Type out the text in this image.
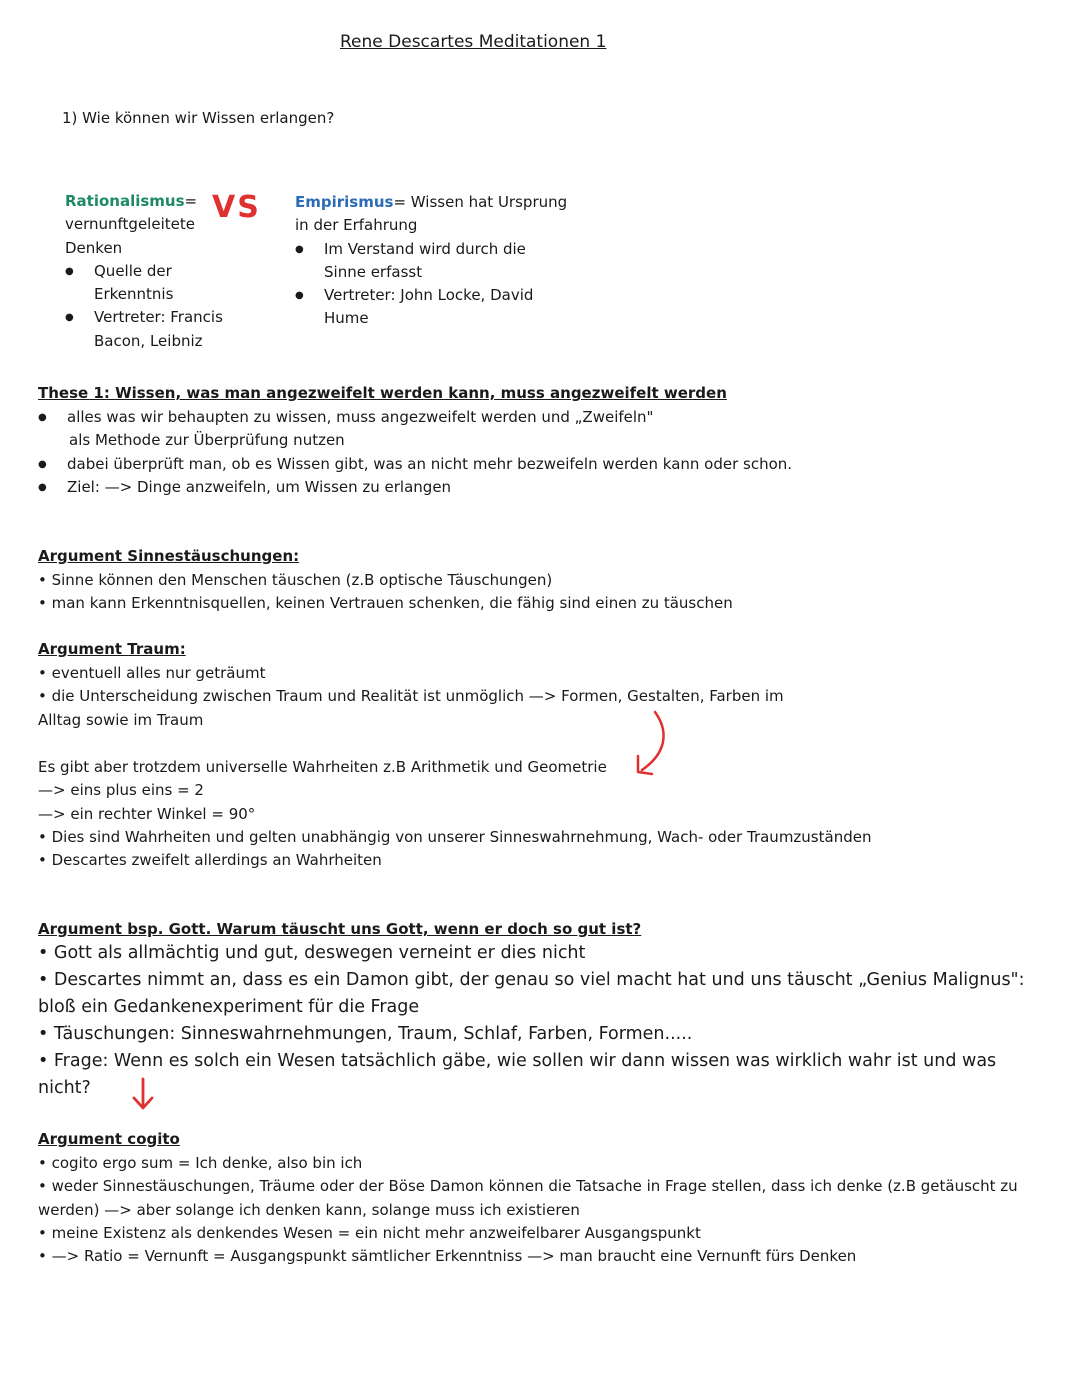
Rene Descartes Meditationen 1
1) Wie können wir Wissen erlangen?
Rationalismus=
vernunftgeleitete
Denken
● Quelle der
Erkenntnis
● Vertreter: Francis
Bacon, Leibniz
VS Empirismus= Wissen hat Ursprung
in der Erfahrung
● Im Verstand wird durch die
Sinne erfasst
● Vertreter: John Locke, David
Hume
These 1: Wissen, was man angezweifelt werden kann, muss angezweifelt werden
● alles was wir behaupten zu wissen, muss angezweifelt werden und „Zweifeln"
als Methode zur Überprüfung nutzen
● dabei überprüft man, ob es Wissen gibt, was an nicht mehr bezweifeln werden kann oder schon.
● Ziel: —> Dinge anzweifeln, um Wissen zu erlangen
Argument Sinnestäuschungen:
• Sinne können den Menschen täuschen (z.B optische Täuschungen)
• man kann Erkenntnisquellen, keinen Vertrauen schenken, die fähig sind einen zu täuschen
Argument Traum:
• eventuell alles nur geträumt
• die Unterscheidung zwischen Traum und Realität ist unmöglich —> Formen, Gestalten, Farben im
Alltag sowie im Traum
Es gibt aber trotzdem universelle Wahrheiten z.B Arithmetik und Geometrie
—> eins plus eins = 2
—> ein rechter Winkel = 90°
• Dies sind Wahrheiten und gelten unabhängig von unserer Sinneswahrnehmung, Wach- oder Traumzuständen
• Descartes zweifelt allerdings an Wahrheiten
Argument bsp. Gott. Warum täuscht uns Gott, wenn er doch so gut ist?
• Gott als allmächtig und gut, deswegen verneint er dies nicht
• Descartes nimmt an, dass es ein Damon gibt, der genau so viel macht hat und uns täuscht „Genius Malignus":
bloß ein Gedankenexperiment für die Frage
• Täuschungen: Sinneswahrnehmungen, Traum, Schlaf, Farben, Formen.....
• Frage: Wenn es solch ein Wesen tatsächlich gäbe, wie sollen wir dann wissen was wirklich wahr ist und was
nicht?
Argument cogito
• cogito ergo sum = Ich denke, also bin ich
• weder Sinnestäuschungen, Träume oder der Böse Damon können die Tatsache in Frage stellen, dass ich denke (z.B getäuscht zu
werden) —> aber solange ich denken kann, solange muss ich existieren
• meine Existenz als denkendes Wesen = ein nicht mehr anzweifelbarer Ausgangspunkt
• —> Ratio = Vernunft = Ausgangspunkt sämtlicher Erkenntniss —> man braucht eine Vernunft fürs Denken
